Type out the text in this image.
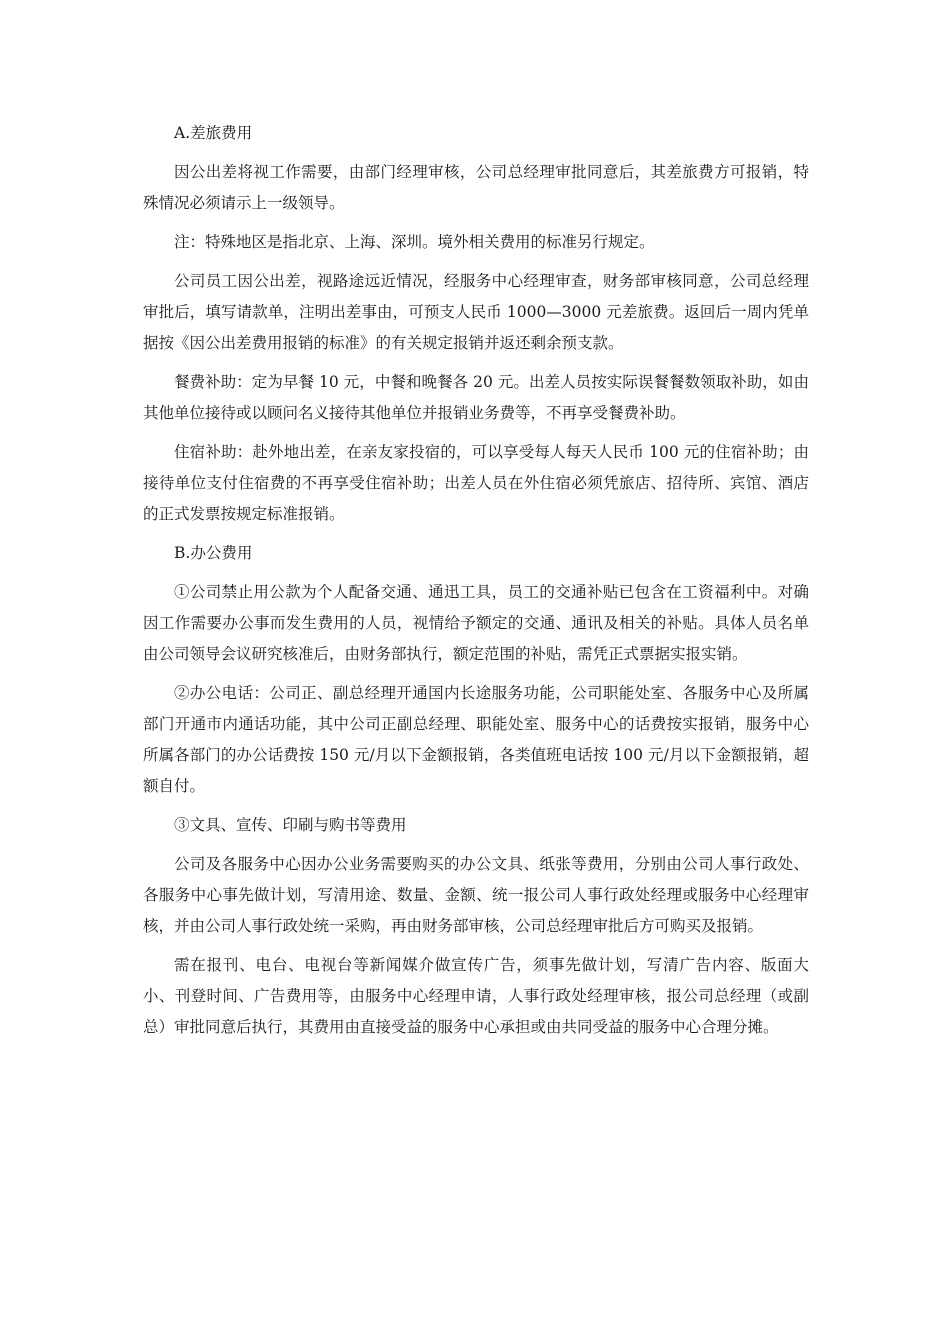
A.差旅费用

因公出差将视工作需要，由部门经理审核，公司总经理审批同意后，其差旅费方可报销，特殊情况必须请示上一级领导。

注：特殊地区是指北京、上海、深圳。境外相关费用的标准另行规定。

公司员工因公出差，视路途远近情况，经服务中心经理审查，财务部审核同意，公司总经理审批后，填写请款单，注明出差事由，可预支人民币 1000—3000 元差旅费。返回后一周内凭单据按《因公出差费用报销的标准》的有关规定报销并返还剩余预支款。

餐费补助：定为早餐 10 元，中餐和晚餐各 20 元。出差人员按实际误餐餐数领取补助，如由其他单位接待或以顾问名义接待其他单位并报销业务费等，不再享受餐费补助。

住宿补助：赴外地出差，在亲友家投宿的，可以享受每人每天人民币 100 元的住宿补助；由接待单位支付住宿费的不再享受住宿补助；出差人员在外住宿必须凭旅店、招待所、宾馆、酒店的正式发票按规定标准报销。

B.办公费用

①公司禁止用公款为个人配备交通、通迅工具，员工的交通补贴已包含在工资福利中。对确因工作需要办公事而发生费用的人员，视情给予额定的交通、通讯及相关的补贴。具体人员名单由公司领导会议研究核准后，由财务部执行，额定范围的补贴，需凭正式票据实报实销。

②办公电话：公司正、副总经理开通国内长途服务功能，公司职能处室、各服务中心及所属部门开通市内通话功能，其中公司正副总经理、职能处室、服务中心的话费按实报销，服务中心所属各部门的办公话费按 150 元/月以下金额报销，各类值班电话按 100 元/月以下金额报销，超额自付。

③文具、宣传、印刷与购书等费用

公司及各服务中心因办公业务需要购买的办公文具、纸张等费用，分别由公司人事行政处、各服务中心事先做计划，写清用途、数量、金额、统一报公司人事行政处经理或服务中心经理审核，并由公司人事行政处统一采购，再由财务部审核，公司总经理审批后方可购买及报销。

需在报刊、电台、电视台等新闻媒介做宣传广告，须事先做计划，写清广告内容、版面大小、刊登时间、广告费用等，由服务中心经理申请，人事行政处经理审核，报公司总经理（或副总）审批同意后执行，其费用由直接受益的服务中心承担或由共同受益的服务中心合理分摊。
